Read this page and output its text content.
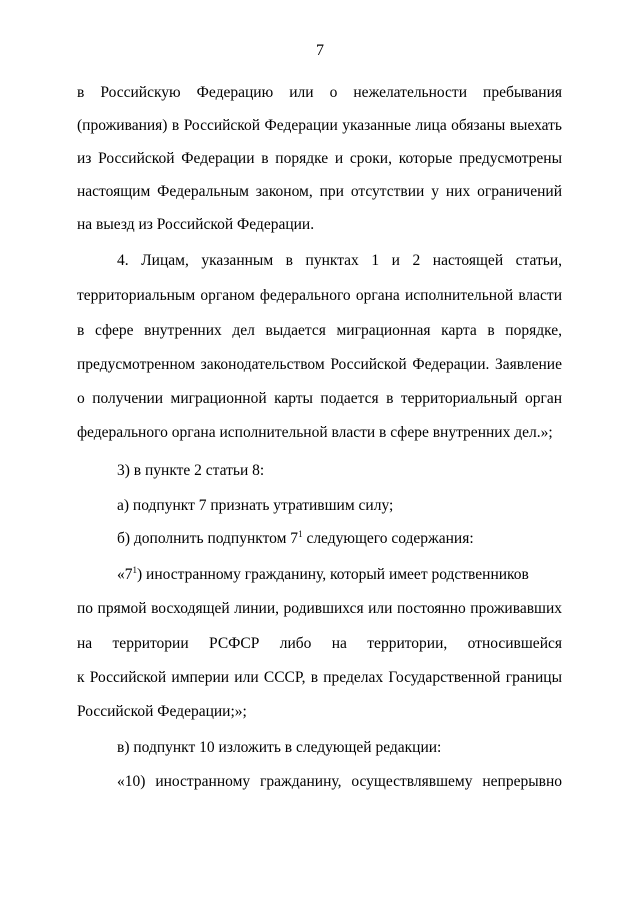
7
в Российскую Федерацию или о нежелательности пребывания
(проживания) в Российской Федерации указанные лица обязаны выехать
из Российской Федерации в порядке и сроки, которые предусмотрены
настоящим Федеральным законом, при отсутствии у них ограничений
на выезд из Российской Федерации.
4. Лицам, указанным в пунктах 1 и 2 настоящей статьи,
территориальным органом федерального органа исполнительной власти
в сфере внутренних дел выдается миграционная карта в порядке,
предусмотренном законодательством Российской Федерации. Заявление
о получении миграционной карты подается в территориальный орган
федерального органа исполнительной власти в сфере внутренних дел.»;
3) в пункте 2 статьи 8:
а) подпункт 7 признать утратившим силу;
б) дополнить подпунктом $7^1$ следующего содержания:
«$7^1$) иностранному гражданину, который имеет родственников
по прямой восходящей линии, родившихся или постоянно проживавших
на территории РСФСР либо на территории, относившейся
к Российской империи или СССР, в пределах Государственной границы
Российской Федерации;»;
в) подпункт 10 изложить в следующей редакции:
«10) иностранному гражданину, осуществлявшему непрерывно
